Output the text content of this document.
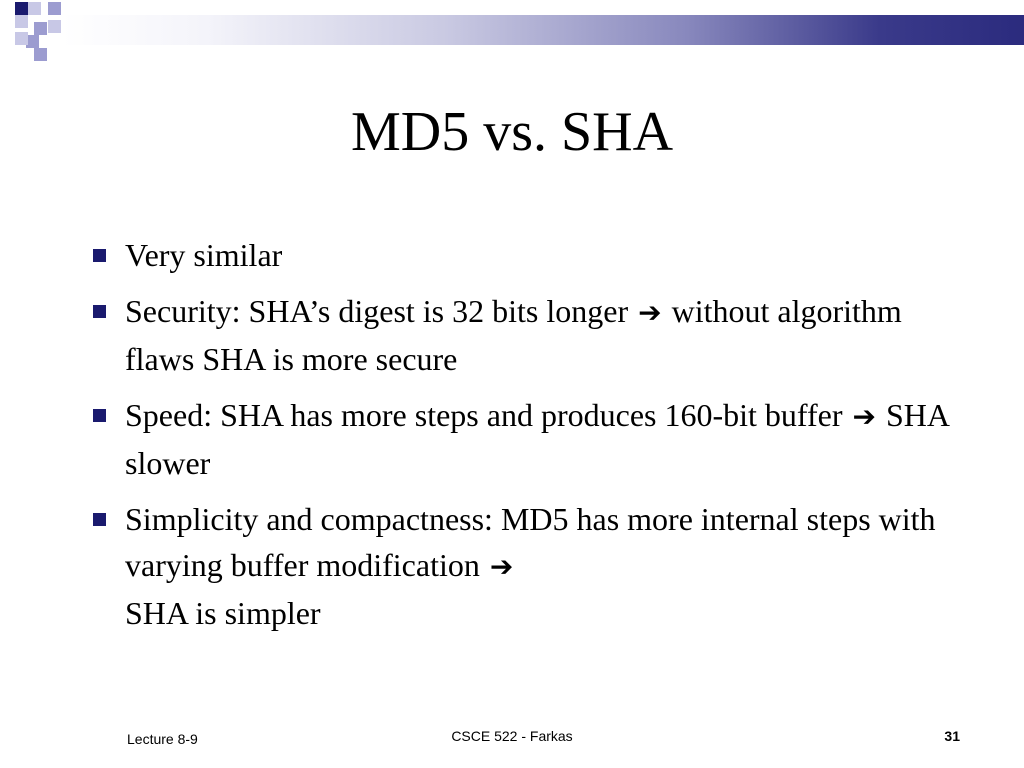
MD5 vs. SHA
Very similar
Security: SHA’s digest is 32 bits longer ➔ without algorithm flaws SHA is more secure
Speed: SHA has more steps and produces 160-bit buffer ➔ SHA slower
Simplicity and compactness: MD5 has more internal steps with varying buffer modification ➔
SHA is simpler
Lecture 8-9	CSCE 522 - Farkas	31
